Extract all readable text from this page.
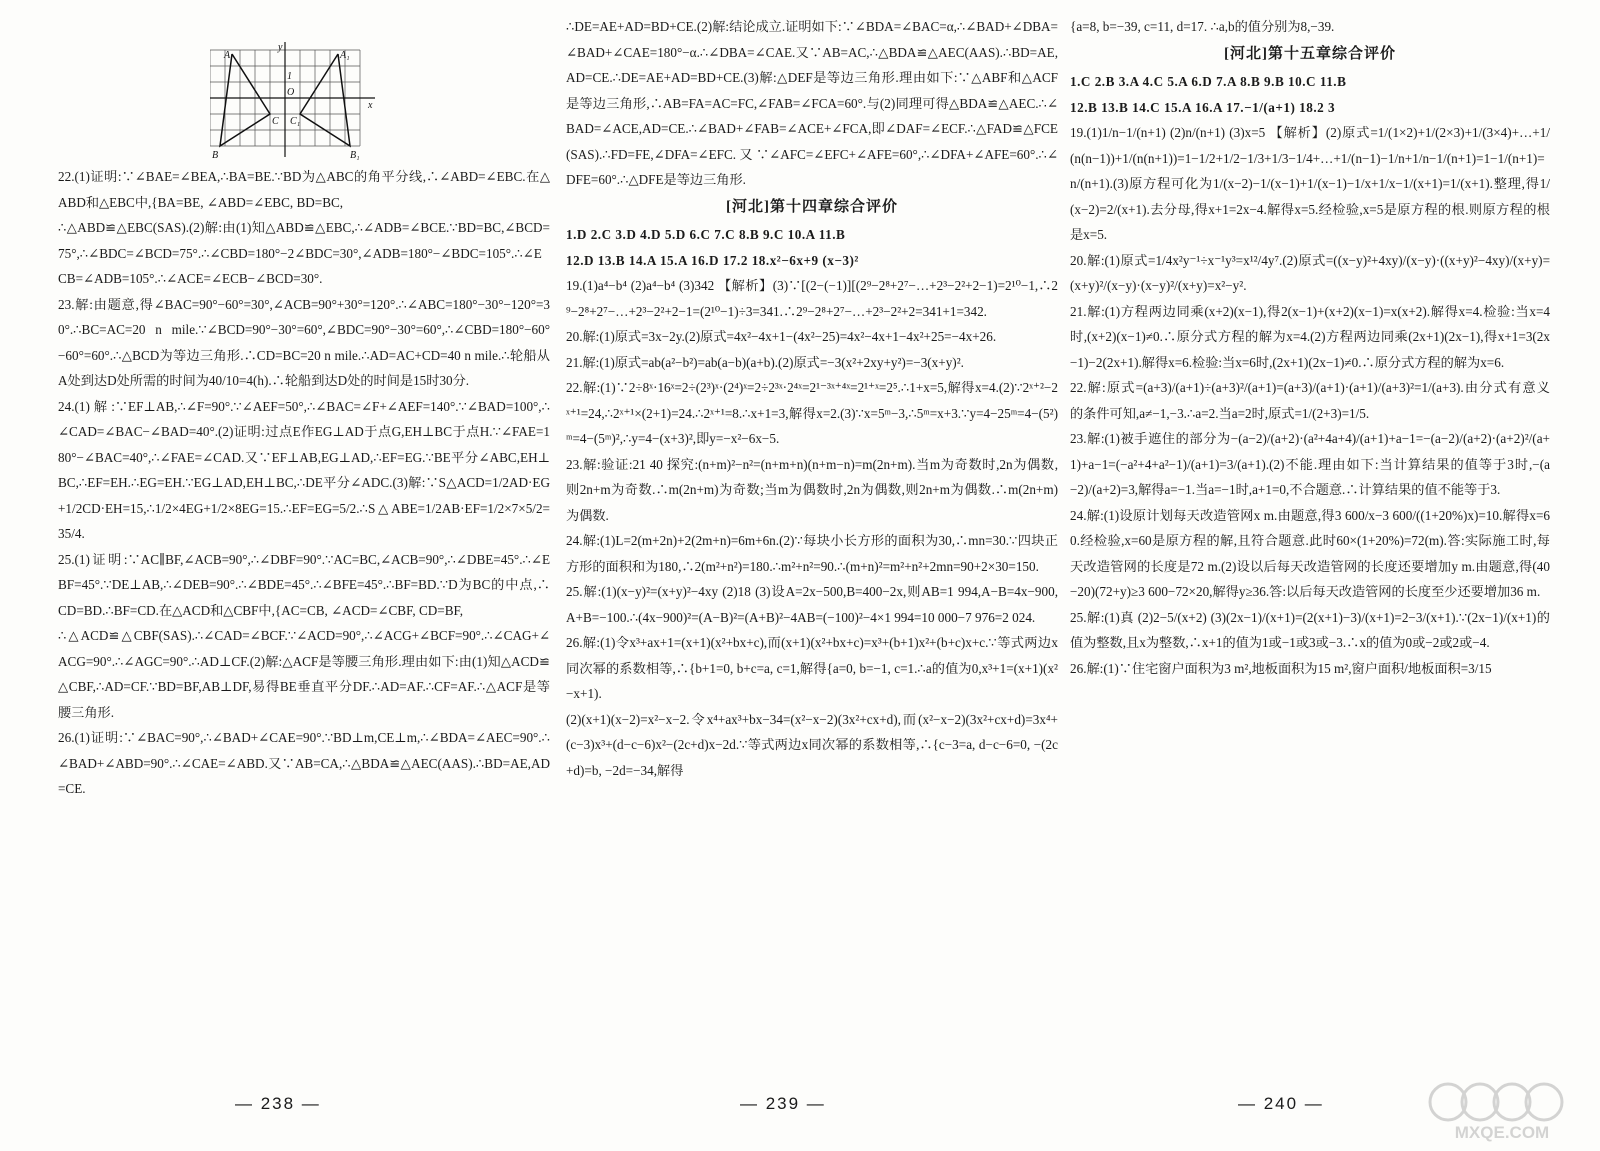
y
A	A₁
1
O
x
C C₁
B	B₁

22.(1)证明:∵∠BAE=∠BEA,∴BA=BE.∵BD为△ABC的角平分线,∴∠ABD=∠EBC.在△ABD和△EBC中,{BA=BE, ∠ABD=∠EBC, BD=BC,

∴△ABD≌△EBC(SAS).(2)解:由(1)知△ABD≌△EBC,∴∠ADB=∠BCE.∵BD=BC,∠BCD=75°,∴∠BDC=∠BCD=75°.∴∠CBD=180°−2∠BDC=30°,∠ADB=180°−∠BDC=105°.∴∠ECB=∠ADB=105°.∴∠ACE=∠ECB−∠BCD=30°.

23.解:由题意,得∠BAC=90°−60°=30°,∠ACB=90°+30°=120°.∴∠ABC=180°−30°−120°=30°.∴BC=AC=20 n mile.∵∠BCD=90°−30°=60°,∠BDC=90°−30°=60°,∴∠CBD=180°−60°−60°=60°.∴△BCD为等边三角形.∴CD=BC=20 n mile.∴AD=AC+CD=40 n mile.∴轮船从A处到达D处所需的时间为40/10=4(h).∴轮船到达D处的时间是15时30分.

24.(1)解:∵EF⊥AB,∴∠F=90°.∵∠AEF=50°,∴∠BAC=∠F+∠AEF=140°.∵∠BAD=100°,∴∠CAD=∠BAC−∠BAD=40°.(2)证明:过点E作EG⊥AD于点G,EH⊥BC于点H.∵∠FAE=180°−∠BAC=40°,∴∠FAE=∠CAD.又∵EF⊥AB,EG⊥AD,∴EF=EG.∵BE平分∠ABC,EH⊥BC,∴EF=EH.∴EG=EH.∵EG⊥AD,EH⊥BC,∴DE平分∠ADC.(3)解:∵S△ACD=1/2AD·EG+1/2CD·EH=15,∴1/2×4EG+1/2×8EG=15.∴EF=EG=5/2.∴S△ABE=1/2AB·EF=1/2×7×5/2=35/4.

25.(1)证明:∵AC∥BF,∠ACB=90°,∴∠DBF=90°.∵AC=BC,∠ACB=90°,∴∠DBE=45°.∴∠EBF=45°.∵DE⊥AB,∴∠DEB=90°.∴∠BDE=45°.∴∠BFE=45°.∴BF=BD.∵D为BC的中点,∴CD=BD.∴BF=CD.在△ACD和△CBF中,{AC=CB, ∠ACD=∠CBF, CD=BF,

∴△ACD≌△CBF(SAS).∴∠CAD=∠BCF.∵∠ACD=90°,∴∠ACG+∠BCF=90°.∴∠CAG+∠ACG=90°.∴∠AGC=90°.∴AD⊥CF.(2)解:△ACF是等腰三角形.理由如下:由(1)知△ACD≌△CBF,∴AD=CF.∵BD=BF,AB⊥DF,易得BE垂直平分DF.∴AD=AF.∴CF=AF.∴△ACF是等腰三角形.

26.(1)证明:∵∠BAC=90°,∴∠BAD+∠CAE=90°.∵BD⊥m,CE⊥m,∴∠BDA=∠AEC=90°.∴∠BAD+∠ABD=90°.∴∠CAE=∠ABD.又∵AB=CA,∴△BDA≌△AEC(AAS).∴BD=AE,AD=CE.

∴DE=AE+AD=BD+CE.(2)解:结论成立.证明如下:∵∠BDA=∠BAC=α,∴∠BAD+∠DBA=∠BAD+∠CAE=180°−α.∴∠DBA=∠CAE.又∵AB=AC,∴△BDA≌△AEC(AAS).∴BD=AE,AD=CE.∴DE=AE+AD=BD+CE.(3)解:△DEF是等边三角形.理由如下:∵△ABF和△ACF是等边三角形,∴AB=FA=AC=FC,∠FAB=∠FCA=60°.与(2)同理可得△BDA≌△AEC.∴∠BAD=∠ACE,AD=CE.∴∠BAD+∠FAB=∠ACE+∠FCA,即∠DAF=∠ECF.∴△FAD≌△FCE(SAS).∴FD=FE,∠DFA=∠EFC.又∵∠AFC=∠EFC+∠AFE=60°,∴∠DFA+∠AFE=60°.∴∠DFE=60°.∴△DFE是等边三角形.

[河北]第十四章综合评价

1.D 2.C 3.D 4.D 5.D 6.C 7.C 8.B 9.C 10.A 11.B

12.D 13.B 14.A 15.A 16.D 17.2 18.x²−6x+9 (x−3)²

19.(1)a⁴−b⁴ (2)a⁴−b⁴ (3)342 【解析】(3)∵[(2−(−1)][(2⁹−2⁸+2⁷−…+2³−2²+2−1)=2¹⁰−1,∴2⁹−2⁸+2⁷−…+2³−2²+2−1=(2¹⁰−1)÷3=341.∴2⁹−2⁸+2⁷−…+2³−2²+2=341+1=342.

20.解:(1)原式=3x−2y.(2)原式=4x²−4x+1−(4x²−25)=4x²−4x+1−4x²+25=−4x+26.

21.解:(1)原式=ab(a²−b²)=ab(a−b)(a+b).(2)原式=−3(x²+2xy+y²)=−3(x+y)².

22.解:(1)∵2÷8ˣ·16ˣ=2÷(2³)ˣ·(2⁴)ˣ=2÷2³ˣ·2⁴ˣ=2¹⁻³ˣ⁺⁴ˣ=2¹⁺ˣ=2⁵.∴1+x=5,解得x=4.(2)∵2ˣ⁺²−2ˣ⁺¹=24,∴2ˣ⁺¹×(2+1)=24.∴2ˣ⁺¹=8.∴x+1=3,解得x=2.(3)∵x=5ᵐ−3,∴5ᵐ=x+3.∵y=4−25ᵐ=4−(5²)ᵐ=4−(5ᵐ)²,∴y=4−(x+3)²,即y=−x²−6x−5.

23.解:验证:21 40 探究:(n+m)²−n²=(n+m+n)(n+m−n)=m(2n+m).当m为奇数时,2n为偶数,则2n+m为奇数.∴m(2n+m)为奇数;当m为偶数时,2n为偶数,则2n+m为偶数.∴m(2n+m)为偶数.

24.解:(1)L=2(m+2n)+2(2m+n)=6m+6n.(2)∵每块小长方形的面积为30,∴mn=30.∵四块正方形的面积和为180,∴2(m²+n²)=180.∴m²+n²=90.∴(m+n)²=m²+n²+2mn=90+2×30=150.

25.解:(1)(x−y)²=(x+y)²−4xy (2)18 (3)设A=2x−500,B=400−2x,则AB=1 994,A−B=4x−900,A+B=−100.∴(4x−900)²=(A−B)²=(A+B)²−4AB=(−100)²−4×1 994=10 000−7 976=2 024.

26.解:(1)令x³+ax+1=(x+1)(x²+bx+c),而(x+1)(x²+bx+c)=x³+(b+1)x²+(b+c)x+c.∵等式两边x同次幂的系数相等,∴{b+1=0, b+c=a, c=1,解得{a=0, b=−1, c=1.∴a的值为0,x³+1=(x+1)(x²−x+1).

(2)(x+1)(x−2)=x²−x−2.令x⁴+ax³+bx−34=(x²−x−2)(3x²+cx+d),而(x²−x−2)(3x²+cx+d)=3x⁴+(c−3)x³+(d−c−6)x²−(2c+d)x−2d.∵等式两边x同次幂的系数相等,∴{c−3=a, d−c−6=0, −(2c+d)=b, −2d=−34,解得

{a=8, b=−39, c=11, d=17. ∴a,b的值分别为8,−39.

[河北]第十五章综合评价

1.C 2.B 3.A 4.C 5.A 6.D 7.A 8.B 9.B 10.C 11.B

12.B 13.B 14.C 15.A 16.A 17.−1/(a+1) 18.2 3

19.(1)1/n−1/(n+1) (2)n/(n+1) (3)x=5 【解析】(2)原式=1/(1×2)+1/(2×3)+1/(3×4)+…+1/(n(n−1))+1/(n(n+1))=1−1/2+1/2−1/3+1/3−1/4+…+1/(n−1)−1/n+1/n−1/(n+1)=1−1/(n+1)=n/(n+1).(3)原方程可化为1/(x−2)−1/(x−1)+1/(x−1)−1/x+1/x−1/(x+1)=1/(x+1).整理,得1/(x−2)=2/(x+1).去分母,得x+1=2x−4.解得x=5.经检验,x=5是原方程的根.则原方程的根是x=5.

20.解:(1)原式=1/4x²y⁻¹÷x⁻¹y³=x¹²/4y⁷.(2)原式=((x−y)²+4xy)/(x−y)·((x+y)²−4xy)/(x+y)=(x+y)²/(x−y)·(x−y)²/(x+y)=x²−y².

21.解:(1)方程两边同乘(x+2)(x−1),得2(x−1)+(x+2)(x−1)=x(x+2).解得x=4.检验:当x=4时,(x+2)(x−1)≠0.∴原分式方程的解为x=4.(2)方程两边同乘(2x+1)(2x−1),得x+1=3(2x−1)−2(2x+1).解得x=6.检验:当x=6时,(2x+1)(2x−1)≠0.∴原分式方程的解为x=6.

22.解:原式=(a+3)/(a+1)÷(a+3)²/(a+1)=(a+3)/(a+1)·(a+1)/(a+3)²=1/(a+3).由分式有意义的条件可知,a≠−1,−3.∴a=2.当a=2时,原式=1/(2+3)=1/5.

23.解:(1)被手遮住的部分为−(a−2)/(a+2)·(a²+4a+4)/(a+1)+a−1=−(a−2)/(a+2)·(a+2)²/(a+1)+a−1=(−a²+4+a²−1)/(a+1)=3/(a+1).(2)不能.理由如下:当计算结果的值等于3时,−(a−2)/(a+2)=3,解得a=−1.当a=−1时,a+1=0,不合题意.∴计算结果的值不能等于3.

24.解:(1)设原计划每天改造管网x m.由题意,得3 600/x−3 600/((1+20%)x)=10.解得x=60.经检验,x=60是原方程的解,且符合题意.此时60×(1+20%)=72(m).答:实际施工时,每天改造管网的长度是72 m.(2)设以后每天改造管网的长度还要增加y m.由题意,得(40−20)(72+y)≥3 600−72×20,解得y≥36.答:以后每天改造管网的长度至少还要增加36 m.

25.解:(1)真 (2)2−5/(x+2) (3)(2x−1)/(x+1)=(2(x+1)−3)/(x+1)=2−3/(x+1).∵(2x−1)/(x+1)的值为整数,且x为整数,∴x+1的值为1或−1或3或−3.∴x的值为0或−2或2或−4.

26.解:(1)∵住宅窗户面积为3 m²,地板面积为15 m²,窗户面积/地板面积=3/15

— 238 —	— 239 —	— 240 —
MXQE.COM
